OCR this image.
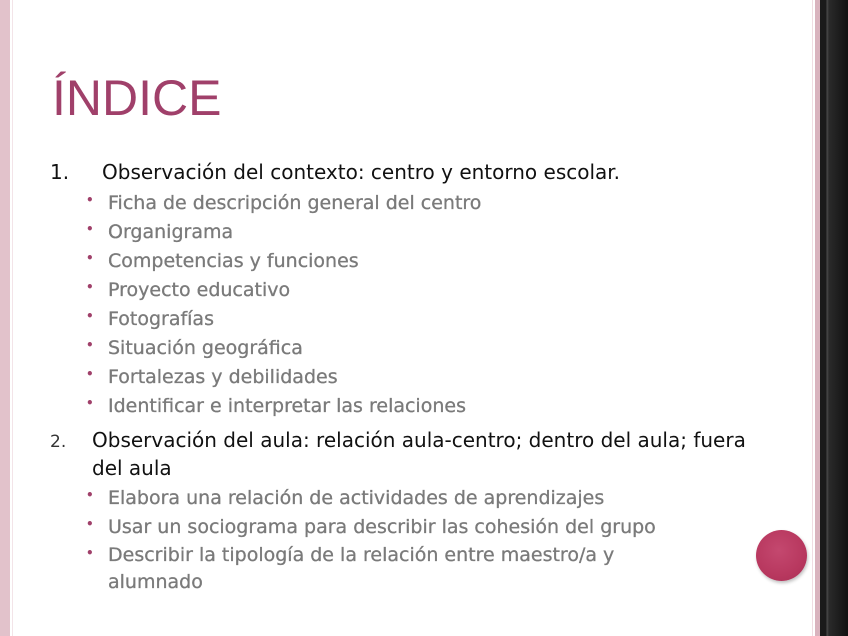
ÍNDICE
1. Observación del contexto: centro y entorno escolar.
• Ficha de descripción general del centro
• Organigrama
• Competencias y funciones
• Proyecto educativo
• Fotografías
• Situación geográfica
• Fortalezas y debilidades
• Identificar e interpretar las relaciones
2. Observación del aula: relación aula-centro; dentro del aula; fuera del aula
• Elabora una relación de actividades de aprendizajes
• Usar un sociograma para describir las cohesión del grupo
• Describir la tipología de la relación entre maestro/a y alumnado
